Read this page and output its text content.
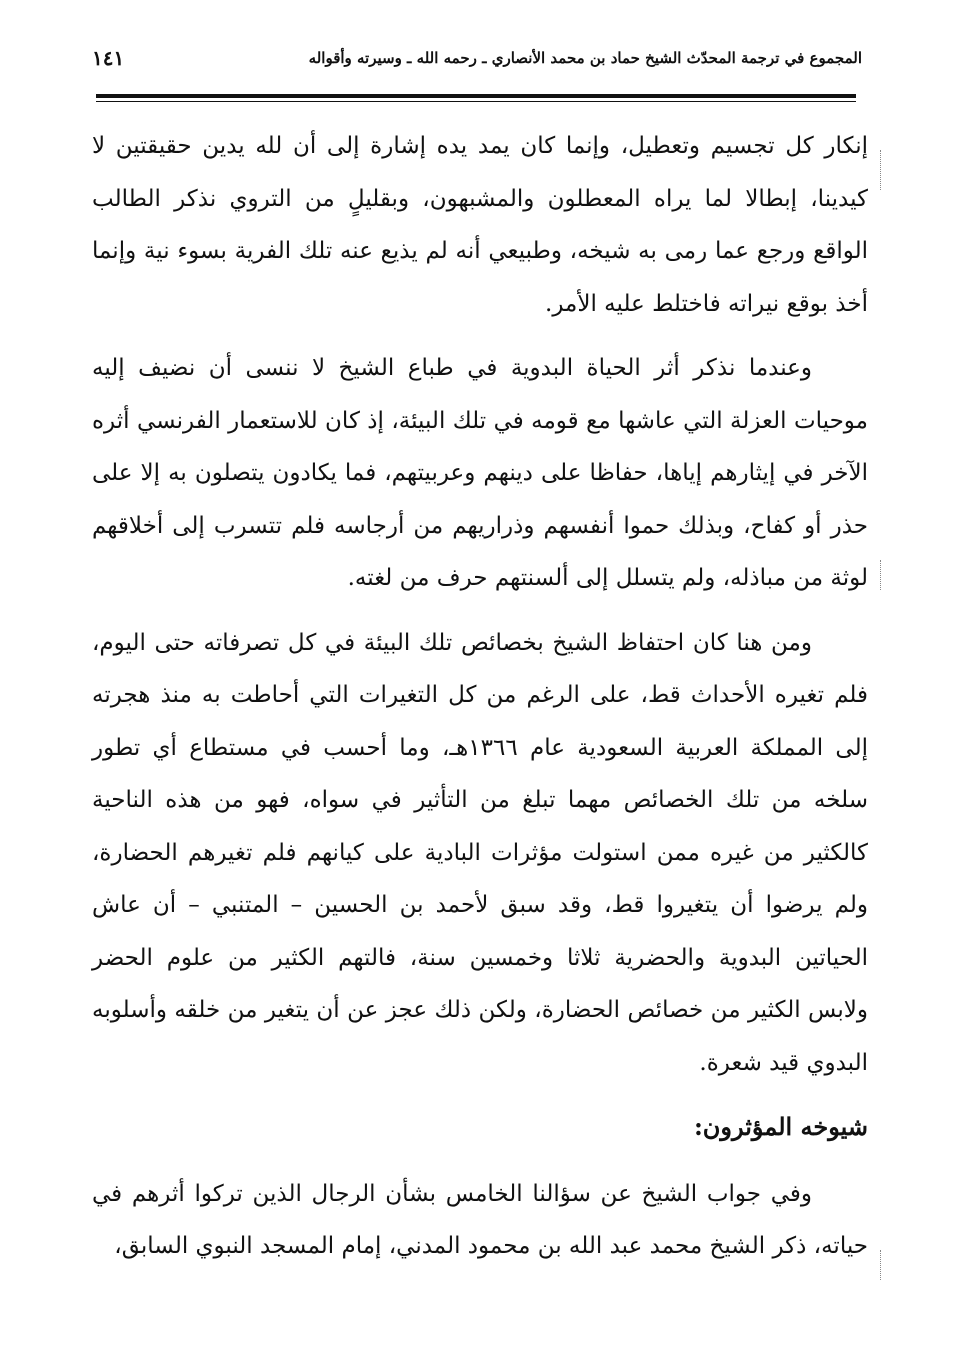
المجموع في ترجمة المحدّث الشيخ حماد بن محمد الأنصاري ـ رحمه الله ـ وسيرته وأقواله
١٤١

إنكار كل تجسيم وتعطيل، وإنما كان يمد يده إشارة إلى أن لله يدين حقيقتين لا كيدينا، إبطالا لما يراه المعطلون والمشبهون، وبقليلٍ من التروي نذكر الطالب الواقع ورجع عما رمى به شيخه، وطبيعي أنه لم يذيع عنه تلك الفرية بسوء نية وإنما أخذ بوقع نيراته فاختلط عليه الأمر.

وعندما نذكر أثر الحياة البدوية في طباع الشيخ لا ننسى أن نضيف إليه موحيات العزلة التي عاشها مع قومه في تلك البيئة، إذ كان للاستعمار الفرنسي أثره الآخر في إيثارهم إياها، حفاظا على دينهم وعربيتهم، فما يكادون يتصلون به إلا على حذر أو كفاح، وبذلك حموا أنفسهم وذراريهم من أرجاسه فلم تتسرب إلى أخلاقهم لوثة من مباذله، ولم يتسلل إلى ألسنتهم حرف من لغته.

ومن هنا كان احتفاظ الشيخ بخصائص تلك البيئة في كل تصرفاته حتى اليوم، فلم تغيره الأحداث قط، على الرغم من كل التغيرات التي أحاطت به منذ هجرته إلى المملكة العربية السعودية عام ١٣٦٦هـ، وما أحسب في مستطاع أي تطور سلخه من تلك الخصائص مهما تبلغ من التأثير في سواه، فهو من هذه الناحية كالكثير من غيره ممن استولت مؤثرات البادية على كيانهم فلم تغيرهم الحضارة، ولم يرضوا أن يتغيروا قط، وقد سبق لأحمد بن الحسين – المتنبي – أن عاش الحياتين البدوية والحضرية ثلاثا وخمسين سنة، فالتهم الكثير من علوم الحضر ولابس الكثير من خصائص الحضارة، ولكن ذلك عجز عن أن يتغير من خلقه وأسلوبه البدوي قيد شعرة.

شيوخه المؤثرون:

وفي جواب الشيخ عن سؤالنا الخامس بشأن الرجال الذين تركوا أثرهم في حياته، ذكر الشيخ محمد عبد الله بن محمود المدني، إمام المسجد النبوي السابق،
